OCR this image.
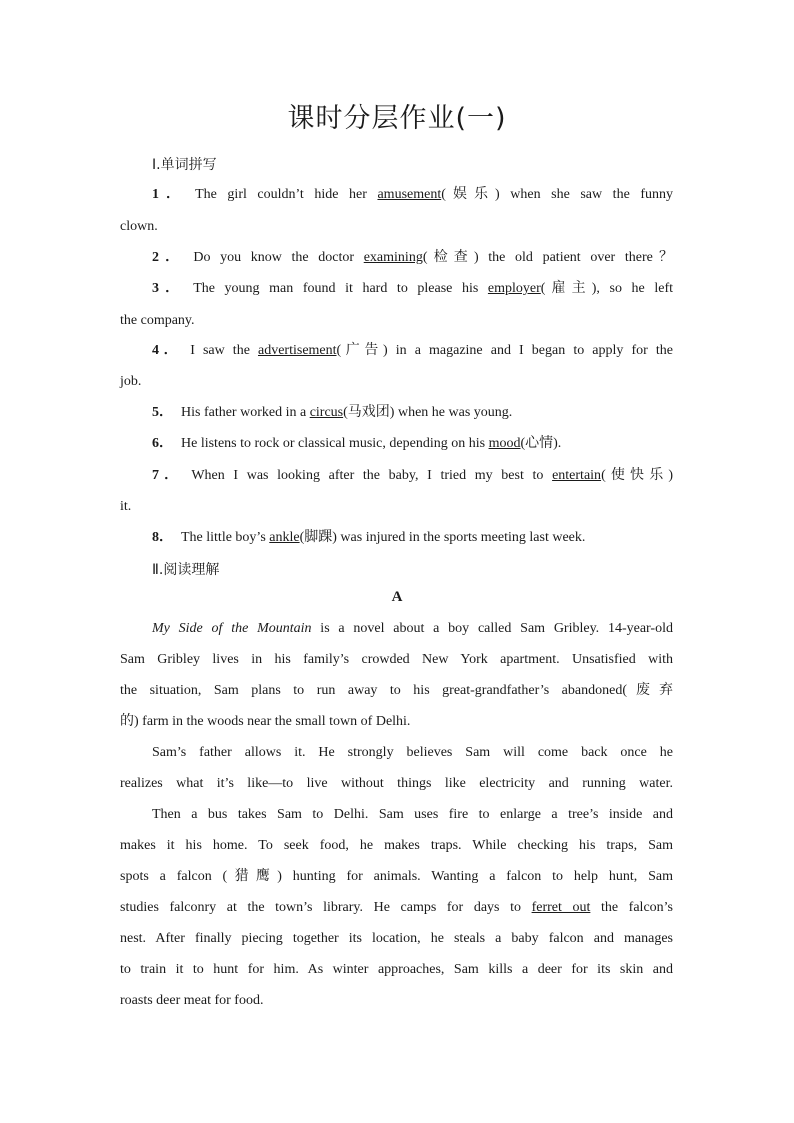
课时分层作业(一)
Ⅰ.单词拼写
1． The girl couldn’t hide her amusement(娱乐) when she saw the funny
clown.
2． Do you know the doctor examining(检查) the old patient over there？
3． The young man found it hard to please his employer(雇主), so he left
the company.
4． I saw the advertisement(广告) in a magazine and I began to apply for the
job.
5． His father worked in a circus(马戏团) when he was young.
6． He listens to rock or classical music, depending on his mood(心情).
7． When I was looking after the baby, I tried my best to entertain(使快乐)
it.
8． The little boy’s ankle(脚踝) was injured in the sports meeting last week.
Ⅱ.阅读理解
A
My Side of the Mountain is a novel about a boy called Sam Gribley. 14-year-old
Sam Gribley lives in his family’s crowded New York apartment. Unsatisfied with
the situation, Sam plans to run away to his great-grandfather’s abandoned(废弃
的) farm in the woods near the small town of Delhi.
Sam’s father allows it. He strongly believes Sam will come back once he
realizes what it’s like—to live without things like electricity and running water.
Then a bus takes Sam to Delhi. Sam uses fire to enlarge a tree’s inside and
makes it his home. To seek food, he makes traps. While checking his traps, Sam
spots a falcon (猎鹰) hunting for animals. Wanting a falcon to help hunt, Sam
studies falconry at the town’s library. He camps for days to ferret out the falcon’s
nest. After finally piecing together its location, he steals a baby falcon and manages
to train it to hunt for him. As winter approaches, Sam kills a deer for its skin and
roasts deer meat for food.
